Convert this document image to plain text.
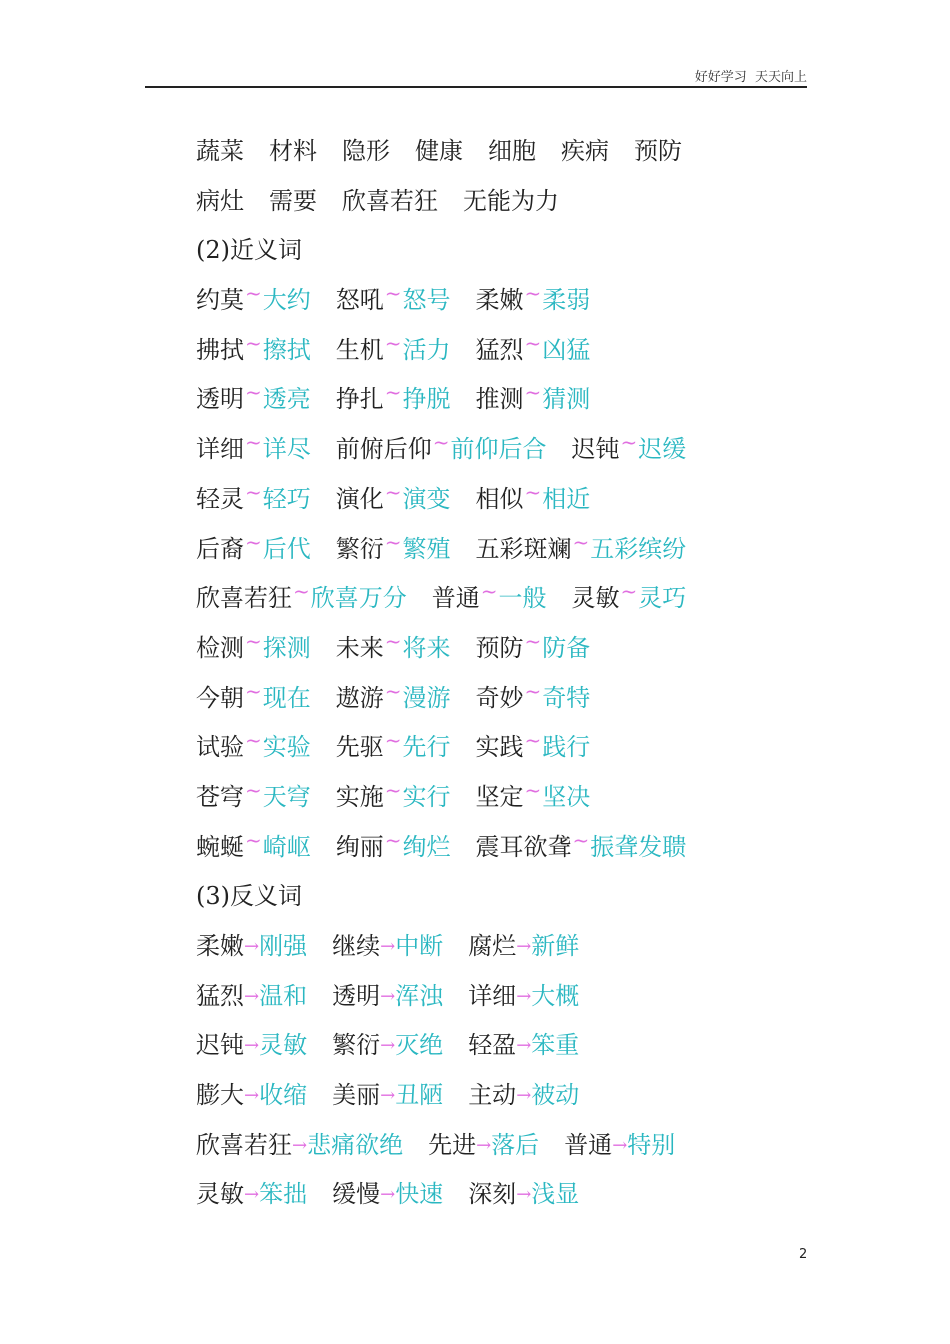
好好学习  天天向上
蔬菜 材料 隐形 健康 细胞 疾病 预防
病灶 需要 欣喜若狂 无能为力
(2)近义词
约莫~大约 怒吼~怒号 柔嫩~柔弱
拂拭~擦拭 生机~活力 猛烈~凶猛
透明~透亮 挣扎~挣脱 推测~猜测
详细~详尽 前俯后仰~前仰后合 迟钝~迟缓
轻灵~轻巧 演化~演变 相似~相近
后裔~后代 繁衍~繁殖 五彩斑斓~五彩缤纷
欣喜若狂~欣喜万分 普通~一般 灵敏~灵巧
检测~探测 未来~将来 预防~防备
今朝~现在 遨游~漫游 奇妙~奇特
试验~实验 先驱~先行 实践~践行
苍穹~天穹 实施~实行 坚定~坚决
蜿蜒~崎岖 绚丽~绚烂 震耳欲聋~振聋发聩
(3)反义词
柔嫩→刚强 继续→中断 腐烂→新鲜
猛烈→温和 透明→浑浊 详细→大概
迟钝→灵敏 繁衍→灭绝 轻盈→笨重
膨大→收缩 美丽→丑陋 主动→被动
欣喜若狂→悲痛欲绝 先进→落后 普通→特别
灵敏→笨拙 缓慢→快速 深刻→浅显
2
